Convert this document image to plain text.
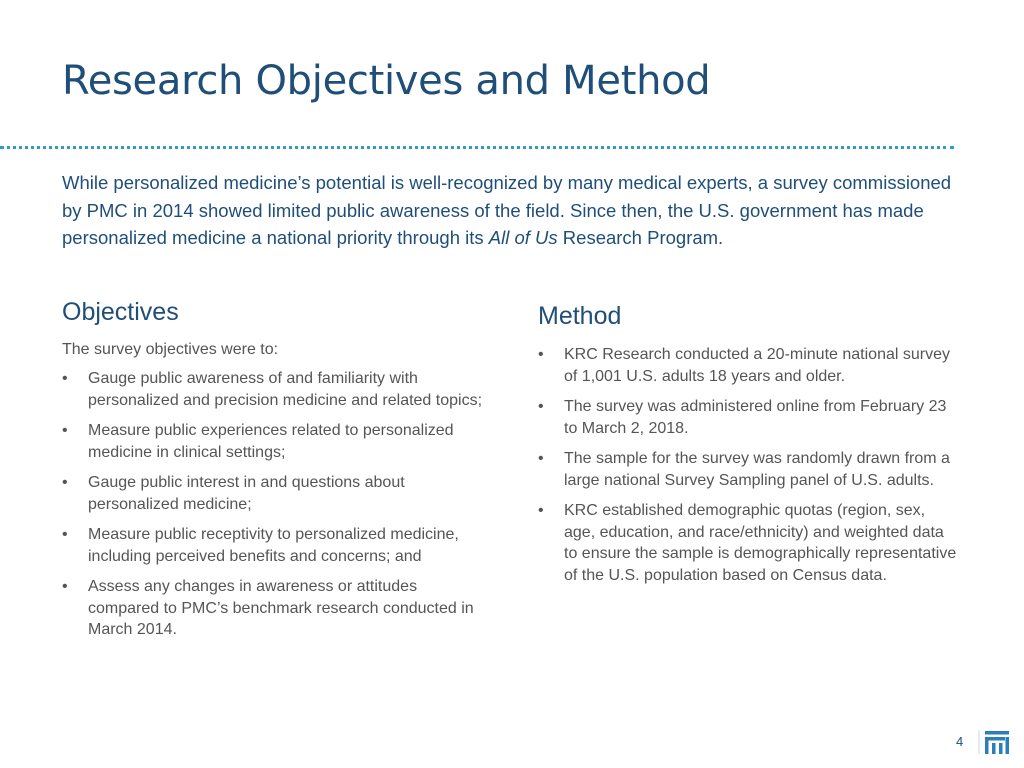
Research Objectives and Method

While personalized medicine’s potential is well-recognized by many medical experts, a survey commissioned by PMC in 2014 showed limited public awareness of the field. Since then, the U.S. government has made personalized medicine a national priority through its All of Us Research Program.

Objectives

The survey objectives were to:

• Gauge public awareness of and familiarity with personalized and precision medicine and related topics;
• Measure public experiences related to personalized medicine in clinical settings;
• Gauge public interest in and questions about personalized medicine;
• Measure public receptivity to personalized medicine, including perceived benefits and concerns; and
• Assess any changes in awareness or attitudes compared to PMC’s benchmark research conducted in March 2014.
Method
• KRC Research conducted a 20-minute national survey of 1,001 U.S. adults 18 years and older.
• The survey was administered online from February 23 to March 2, 2018.
• The sample for the survey was randomly drawn from a large national Survey Sampling panel of U.S. adults.
• KRC established demographic quotas (region, sex, age, education, and race/ethnicity) and weighted data to ensure the sample is demographically representative of the U.S. population based on Census data.
4
